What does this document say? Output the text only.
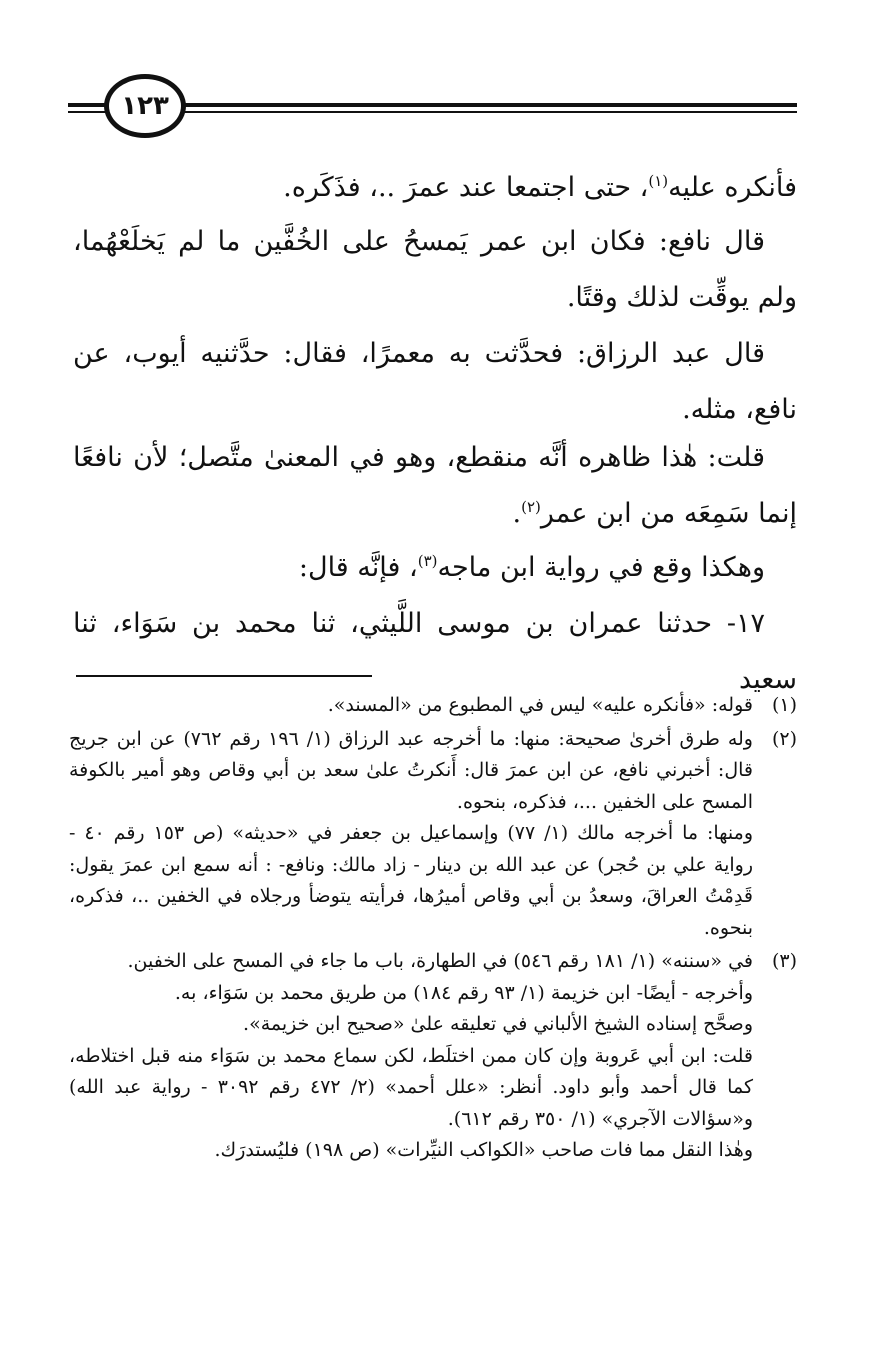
١٢٣

فأنكره عليه$^{(١)}$، حتى اجتمعا عند عمرَ ..، فذَكَره.

قال نافع: فكان ابن عمر يَمسحُ على الخُفَّين ما لم يَخلَعْهُما، ولم يوقِّت لذلك وقتًا.

قال عبد الرزاق: فحدَّثت به معمرًا، فقال: حدَّثنيه أيوب، عن نافع، مثله.

قلت: هٰذا ظاهره أنَّه منقطع، وهو في المعنىٰ متَّصل؛ لأن نافعًا إنما سَمِعَه من ابن عمر$^{(٢)}$.

وهكذا وقع في رواية ابن ماجه$^{(٣)}$، فإنَّه قال:

١٧- حدثنا عمران بن موسى اللَّيثي، ثنا محمد بن سَوَاء، ثنا سعيد

(١)

قوله: «فأنكره عليه» ليس في المطبوع من «المسند».

(٢)

وله طرق أخرىٰ صحيحة: منها: ما أخرجه عبد الرزاق (١/ ١٩٦ رقم ٧٦٢) عن ابن جريج قال: أخبرني نافع، عن ابن عمرَ قال: أَنكرتُ علىٰ سعد بن أبي وقاص وهو أمير بالكوفة المسح على الخفين ...، فذكره، بنحوه.

ومنها: ما أخرجه مالك (١/ ٧٧) وإسماعيل بن جعفر في «حديثه» (ص ١٥٣ رقم ٤٠ - رواية علي بن حُجر) عن عبد الله بن دينار - زاد مالك: ونافع- : أنه سمع ابن عمرَ يقول: قَدِمْتُ العراقَ، وسعدُ بن أبي وقاص أميرُها، فرأيته يتوضأ ورجلاه في الخفين ..، فذكره، بنحوه.

(٣)

في «سننه» (١/ ١٨١ رقم ٥٤٦) في الطهارة، باب ما جاء في المسح على الخفين.

وأخرجه - أيضًا- ابن خزيمة (١/ ٩٣ رقم ١٨٤) من طريق محمد بن سَوَاء، به.

وصحَّح إسناده الشيخ الألباني في تعليقه علىٰ «صحيح ابن خزيمة».

قلت: ابن أبي عَروبة وإن كان ممن اختلَط، لكن سماع محمد بن سَوَاء منه قبل اختلاطه، كما قال أحمد وأبو داود. أنظر: «علل أحمد» (٢/ ٤٧٢ رقم ٣٠٩٢ - رواية عبد الله) و«سؤالات الآجري» (١/ ٣٥٠ رقم ٦١٢).

وهٰذا النقل مما فات صاحب «الكواكب النيِّرات» (ص ١٩٨) فليُستدرَك.
